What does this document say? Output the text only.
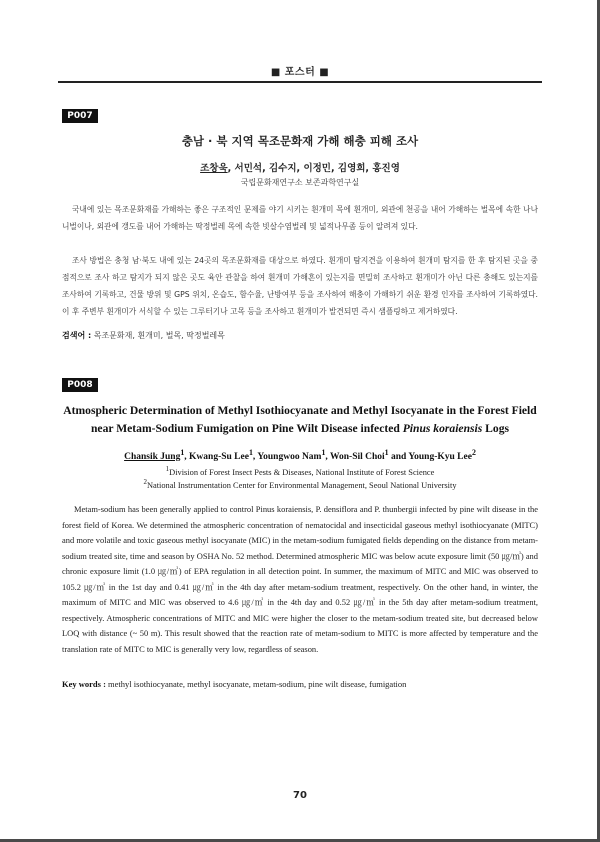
■ 포스터 ■
P007
충남 · 북 지역 목조문화재 가해 해충 피해 조사
조창욱, 서민석, 김수지, 이정민, 김영희, 홍진영
국립문화재연구소 보존과학연구실

국내에 있는 목조문화재를 가해하는 좋은 구조적인 문제를 야기 시키는 흰개미 목에 흰개미, 외관에 천공을 내어 가해하는 벌목에 속한 나나니벌이나, 외관에 갱도를 내어 가해하는 딱정벌레 목에 속한 빗살수염벌레 및 넓적나무좀 등이 알려져 있다.

조사 방법은 충청 남·북도 내에 있는 24곳의 목조문화재를 대상으로 하였다. 흰개미 탐지견을 이용하여 흰개미 탐지를 한 후 탐지된 곳을 중점적으로 조사 하고 탐지가 되지 않은 곳도 육안 관찰을 하여 흰개미 가해흔이 있는지를 면밀히 조사하고 흰개미가 아닌 다른 충해도 있는지를 조사하여 기록하고, 건물 방위 및 GPS 위치, 온습도, 함수율, 난방여부 등을 조사하여 해충이 가해하기 쉬운 환경 인자를 조사하여 기록하였다. 이 후 주변부 흰개미가 서식할 수 있는 그루터기나 고목 등을 조사하고 흰개미가 발견되면 즉시 샘플링하고 제거하였다.

검색어 : 목조문화재, 흰개미, 벌목, 딱정벌레목
P008
Atmospheric Determination of Methyl Isothiocyanate and Methyl Isocyanate in the Forest Field
near Metam-Sodium Fumigation on Pine Wilt Disease infected Pinus koraiensis Logs
Chansik Jung$^1$, Kwang-Su Lee$^1$, Youngwoo Nam$^1$, Won-Sil Choi$^1$ and Young-Kyu Lee$^2$
$^1$Division of Forest Insect Pests & Diseases, National Institute of Forest Science
$^2$National Instrumentation Center for Environmental Management, Seoul National University

Metam-sodium has been generally applied to control Pinus koraiensis, P. densiflora and P. thunbergii infected by pine wilt disease in the forest field of Korea. We determined the atmospheric concentration of nematocidal and insecticidal gaseous methyl isothiocyanate (MITC) and more volatile and toxic gaseous methyl isocyanate (MIC) in the metam-sodium fumigated fields depending on the distance from metam-sodium treated site, time and season by OSHA No. 52 method. Determined atmospheric MIC was below acute exposure limit (50 ㎍/㎥) and chronic exposure limit (1.0 ㎍/㎥) of EPA regulation in all detection point. In summer, the maximum of MITC and MIC was observed to 105.2 ㎍/㎥ in the 1st day and 0.41 ㎍/㎥ in the 4th day after metam-sodium treatment, respectively. On the other hand, in winter, the maximum of MITC and MIC was observed to 4.6 ㎍/㎥ in the 4th day and 0.52 ㎍/㎥ in the 5th day after metam-sodium treatment, respectively. Atmospheric concentrations of MITC and MIC were higher the closer to the metam-sodium treated site, but decreased below LOQ with distance (~ 50 m). This result showed that the reaction rate of metam-sodium to MITC is more affected by temperature and the translation rate of MITC to MIC is generally very low, regardless of season.

Key words : methyl isothiocyanate, methyl isocyanate, metam-sodium, pine wilt disease, fumigation
70
